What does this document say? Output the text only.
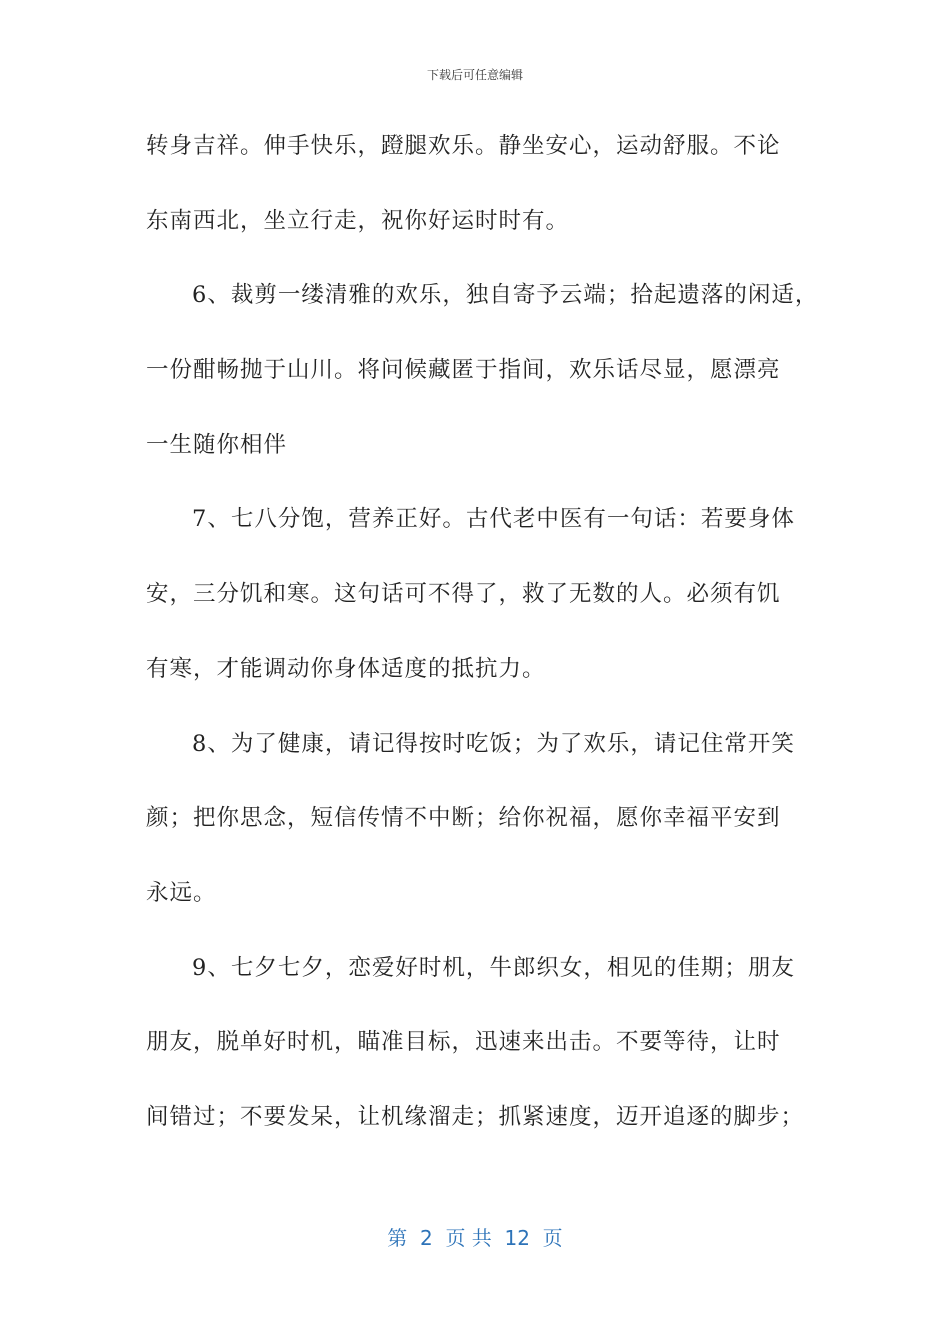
下载后可任意编辑
转身吉祥。伸手快乐，蹬腿欢乐。静坐安心，运动舒服。不论
东南西北，坐立行走，祝你好运时时有。
6、裁剪一缕清雅的欢乐，独自寄予云端；拾起遗落的闲适，
一份酣畅抛于山川。将问候藏匿于指间，欢乐话尽显，愿漂亮
一生随你相伴
7、七八分饱，营养正好。古代老中医有一句话：若要身体
安，三分饥和寒。这句话可不得了，救了无数的人。必须有饥
有寒，才能调动你身体适度的抵抗力。
8、为了健康，请记得按时吃饭；为了欢乐，请记住常开笑
颜；把你思念，短信传情不中断；给你祝福，愿你幸福平安到
永远。
9、七夕七夕，恋爱好时机，牛郎织女，相见的佳期；朋友
朋友，脱单好时机，瞄准目标，迅速来出击。不要等待，让时
间错过；不要发呆，让机缘溜走；抓紧速度，迈开追逐的脚步；
第  2  页 共  12  页
